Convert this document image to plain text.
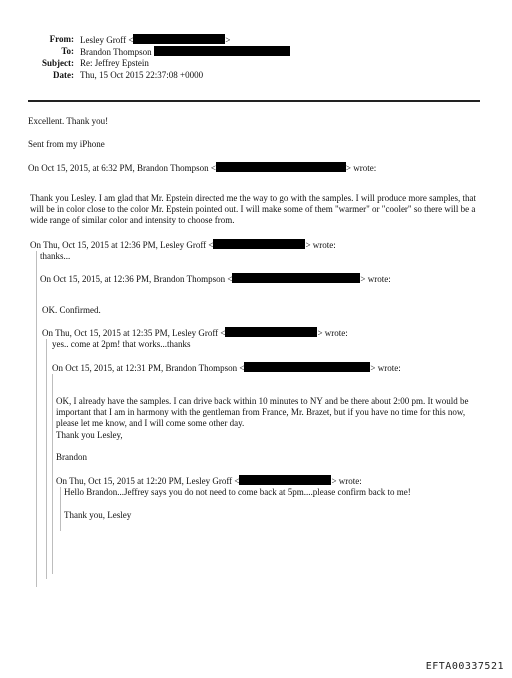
From: Lesley Groff <	>
To: Brandon Thompson
Subject: Re: Jeffrey Epstein
Date: Thu, 15 Oct 2015 22:37:08 +0000
Excellent. Thank you!
Sent from my iPhone
On Oct 15, 2015, at 6:32 PM, Brandon Thompson <	> wrote:
Thank you Lesley. I am glad that Mr. Epstein directed me the way to go with the samples. I will produce more samples, that will be in color close to the color Mr. Epstein pointed out. I will make some of them "warmer" or "cooler" so there will be a wide range of similar color and intensity to choose from.
On Thu, Oct 15, 2015 at 12:36 PM, Lesley Groff <	> wrote:
thanks...
On Oct 15, 2015, at 12:36 PM, Brandon Thompson <	> wrote:
OK. Confirmed.
On Thu, Oct 15, 2015 at 12:35 PM, Lesley Groff <	> wrote:
yes.. come at 2pm! that works...thanks
On Oct 15, 2015, at 12:31 PM, Brandon Thompson <	> wrote:
OK, I already have the samples. I can drive back within 10 minutes to NY and be there about 2:00 pm. It would be important that I am in harmony with the gentleman from France, Mr. Brazet, but if you have no time for this now, please let me know, and I will come some other day.
Thank you Lesley,
Brandon
On Thu, Oct 15, 2015 at 12:20 PM, Lesley Groff <	> wrote:
Hello Brandon...Jeffrey says you do not need to come back at 5pm....please confirm back to me!
Thank you, Lesley
EFTA00337521
